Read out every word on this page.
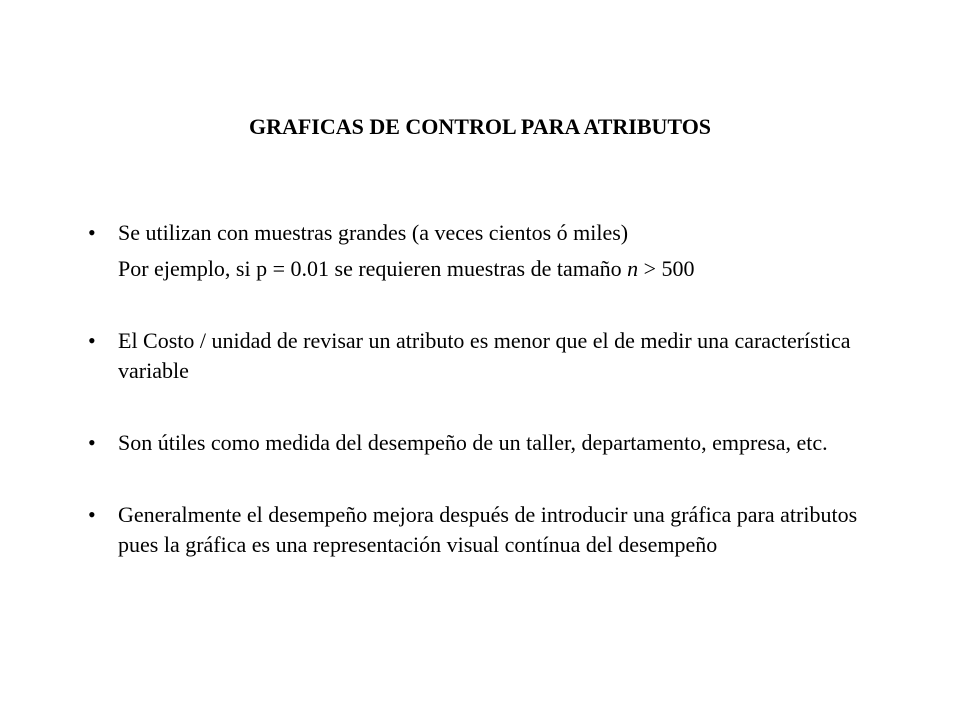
GRAFICAS DE CONTROL PARA ATRIBUTOS
•	Se utilizan con muestras grandes (a veces cientos ó miles)
Por ejemplo, si p = 0.01 se requieren muestras de tamaño n > 500
•	El Costo / unidad de revisar un atributo es menor que el de medir una característica variable
•	Son útiles como medida del desempeño de un taller, departamento, empresa, etc.
•	Generalmente el desempeño mejora después de introducir una gráfica para atributos pues la gráfica es una representación visual contínua del desempeño
